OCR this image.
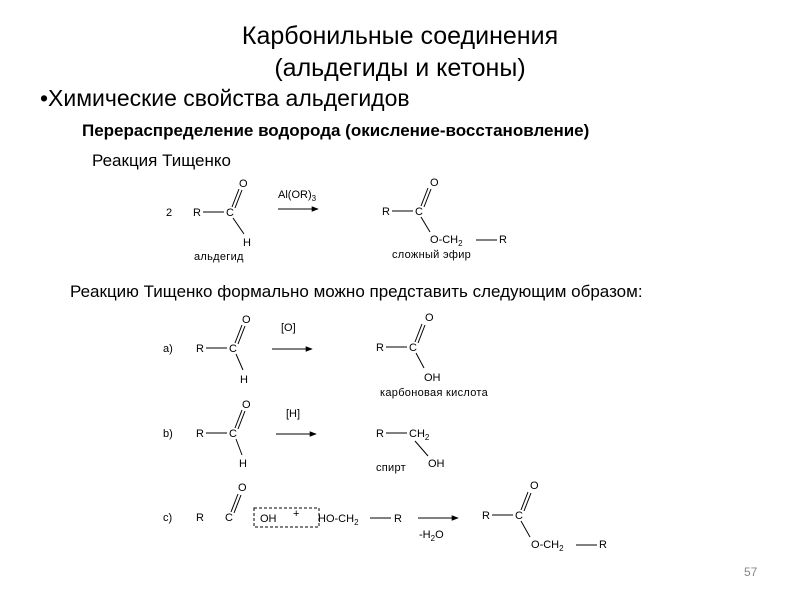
Карбонильные соединения
(альдегиды и кетоны)
•Химические свойства альдегидов
Перераспределение водорода (окисление-восстановление)
Реакция Тищенко
Реакцию Тищенко формально можно представить следующим образом:
57
2 R C
O
H
альдегид
$Al(OR)_3$
R C
O
$O-CH_2$	R
сложный эфир
a) R C
O
H
[O]
R C
O
OH
карбоновая кислота
b) R C
O
H
[H]
R $CH_2$
OH
спирт
c) R C
O
OH + $HO-CH_2$	R
$-H_2O$
R C
O
$O-CH_2$	R
